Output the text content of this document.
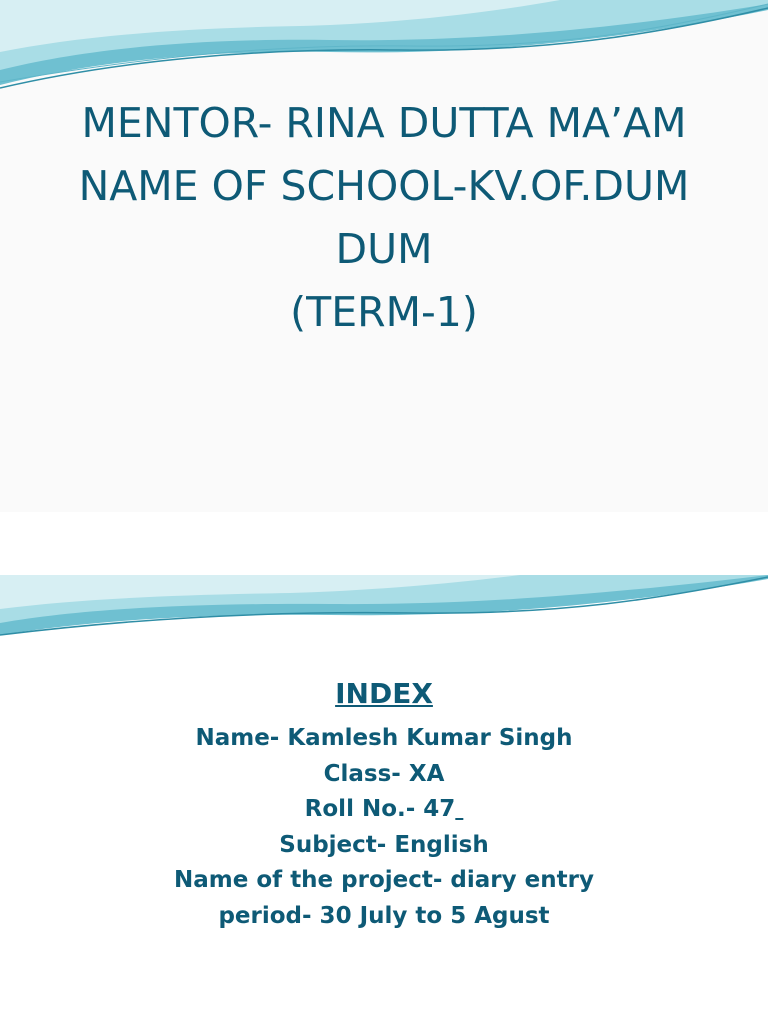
MENTOR- RINA DUTTA MA’AM
NAME OF SCHOOL-KV.OF.DUM
DUM
(TERM-1)
INDEX
Name- Kamlesh Kumar Singh
Class- XA
Roll No.- 47
Subject- English
Name of the project- diary entry
period- 30 July to 5 Agust
